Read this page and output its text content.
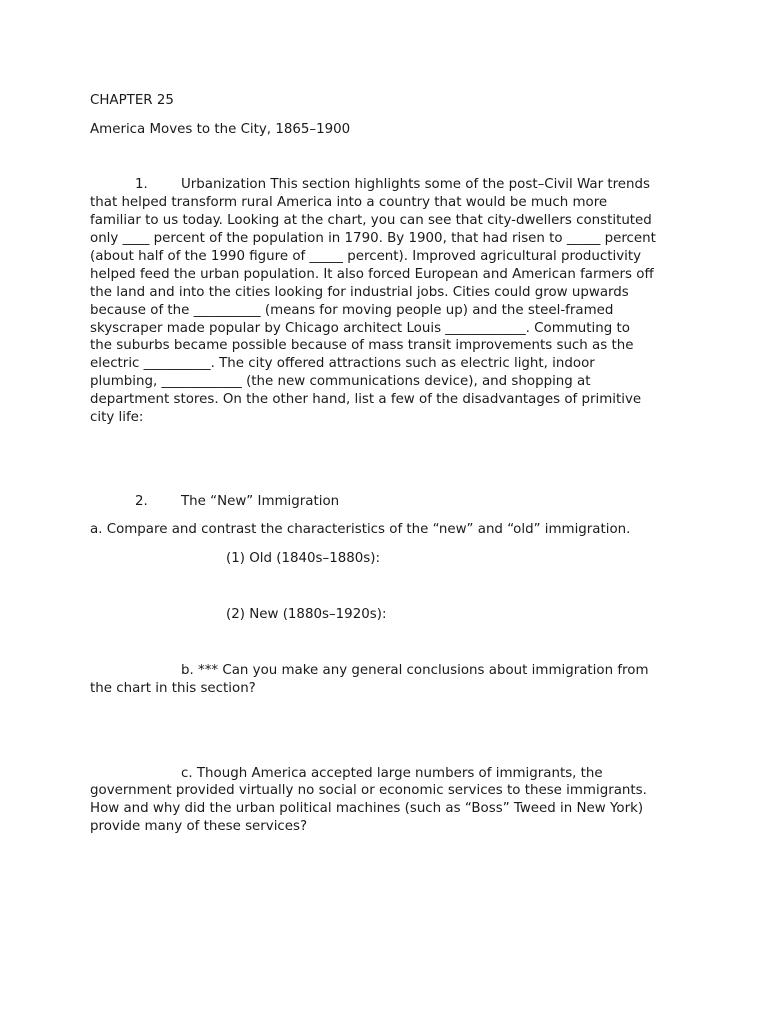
CHAPTER 25
America Moves to the City, 1865–1900
1. Urbanization This section highlights some of the post–Civil War trends
that helped transform rural America into a country that would be much more
familiar to us today. Looking at the chart, you can see that city-dwellers constituted
only ____ percent of the population in 1790. By 1900, that had risen to _____ percent
(about half of the 1990 figure of _____ percent). Improved agricultural productivity
helped feed the urban population. It also forced European and American farmers off
the land and into the cities looking for industrial jobs. Cities could grow upwards
because of the __________ (means for moving people up) and the steel-framed
skyscraper made popular by Chicago architect Louis ____________. Commuting to
the suburbs became possible because of mass transit improvements such as the
electric __________. The city offered attractions such as electric light, indoor
plumbing, ____________ (the new communications device), and shopping at
department stores. On the other hand, list a few of the disadvantages of primitive
city life:
2. The “New” Immigration
a. Compare and contrast the characteristics of the “new” and “old” immigration.
(1) Old (1840s–1880s):
(2) New (1880s–1920s):
b. *** Can you make any general conclusions about immigration from
the chart in this section?
c. Though America accepted large numbers of immigrants, the
government provided virtually no social or economic services to these immigrants.
How and why did the urban political machines (such as “Boss” Tweed in New York)
provide many of these services?
